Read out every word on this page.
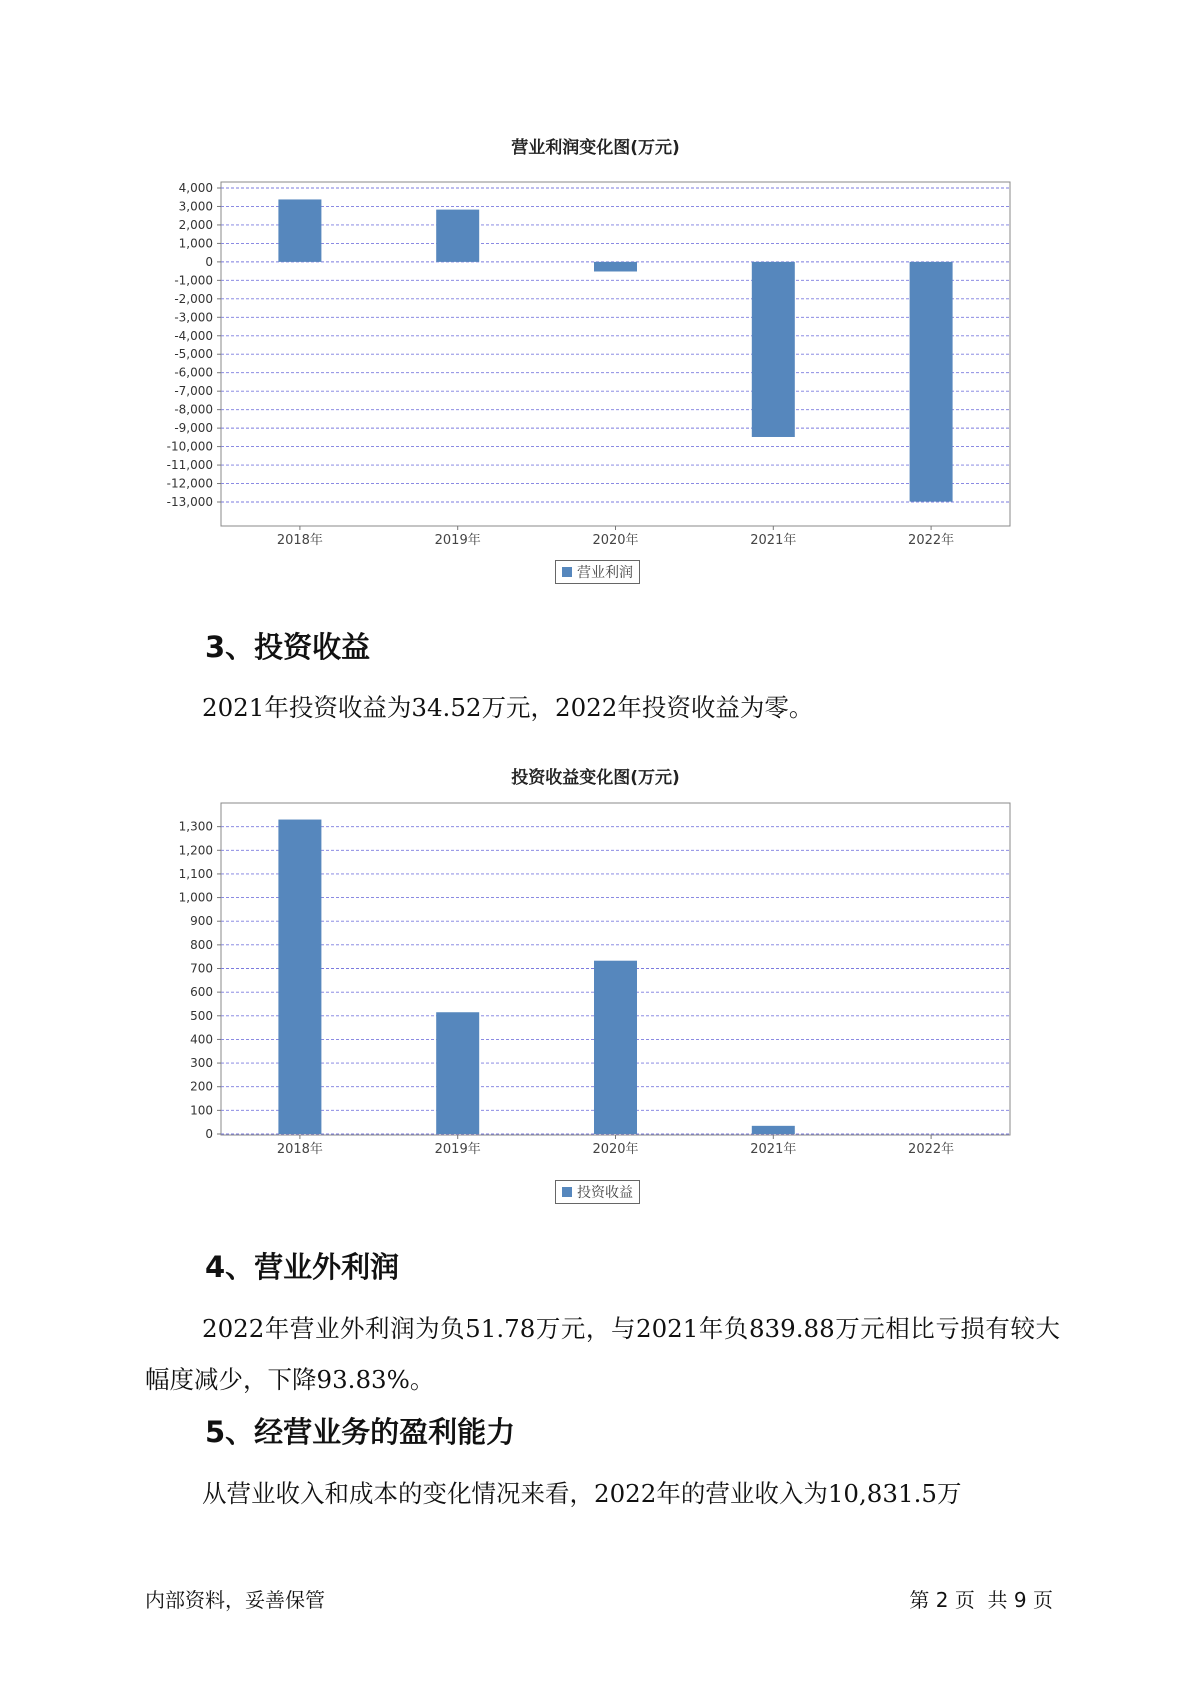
营业利润变化图(万元)
4,000
3,000
2,000
1,000
0
-1,000
-2,000
-3,000
-4,000
-5,000
-6,000
-7,000
-8,000
-9,000
-10,000
-11,000
-12,000
-13,000
2018年	2019年	2020年	2021年	2022年
营业利润
3、投资收益

2021年投资收益为34.52万元，2022年投资收益为零。

投资收益变化图(万元)
0
100
200
300
400
500
600
700
800
900
1,000
1,100
1,200
1,300
2018年	2019年	2020年	2021年	2022年
投资收益
4、营业外利润

2022年营业外利润为负51.78万元，与2021年负839.88万元相比亏损有较大幅度减少，下降93.83%。

5、经营业务的盈利能力

从营业收入和成本的变化情况来看，2022年的营业收入为10,831.5万

内部资料，妥善保管	第 2 页  共 9 页
